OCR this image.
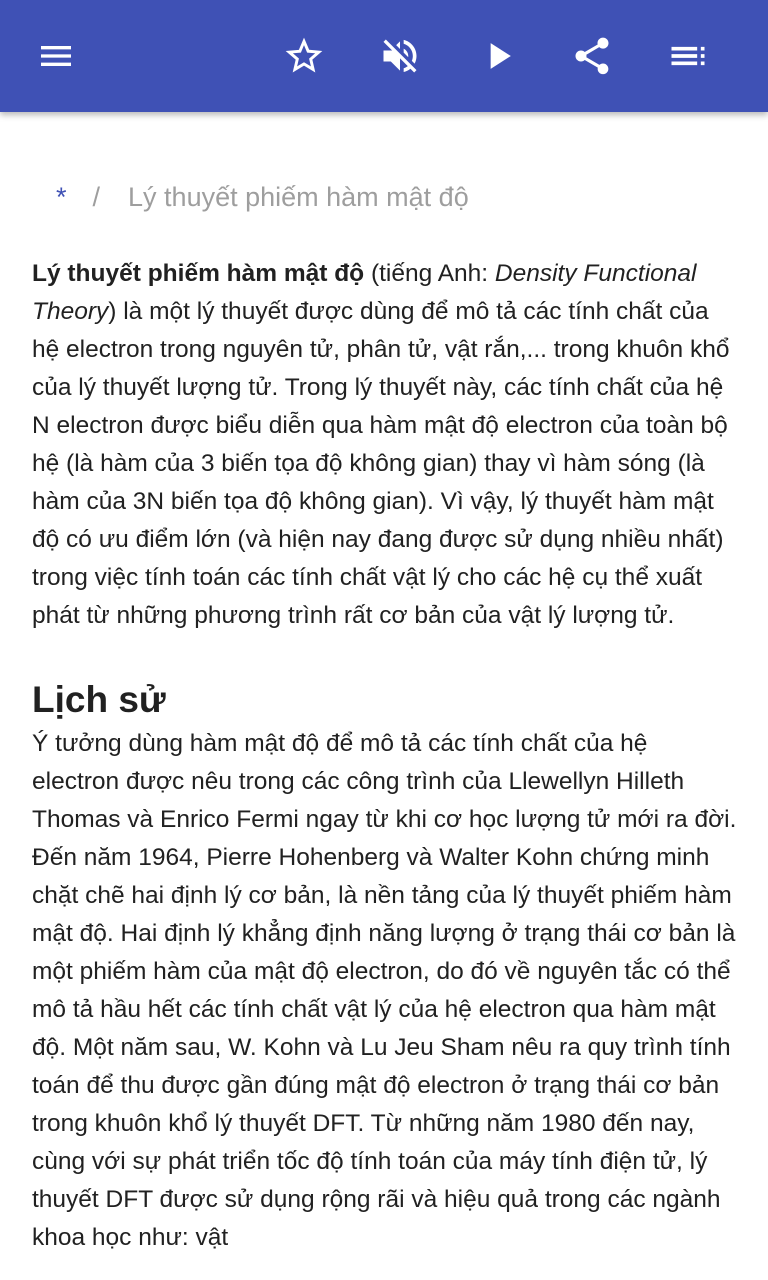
* / Lý thuyết phiếm hàm mật độ

Lý thuyết phiếm hàm mật độ (tiếng Anh: Density Functional Theory) là một lý thuyết được dùng để mô tả các tính chất của hệ electron trong nguyên tử, phân tử, vật rắn,... trong khuôn khổ của lý thuyết lượng tử. Trong lý thuyết này, các tính chất của hệ N electron được biểu diễn qua hàm mật độ electron của toàn bộ hệ (là hàm của 3 biến tọa độ không gian) thay vì hàm sóng (là hàm của 3N biến tọa độ không gian). Vì vậy, lý thuyết hàm mật độ có ưu điểm lớn (và hiện nay đang được sử dụng nhiều nhất) trong việc tính toán các tính chất vật lý cho các hệ cụ thể xuất phát từ những phương trình rất cơ bản của vật lý lượng tử.

Lịch sử

Ý tưởng dùng hàm mật độ để mô tả các tính chất của hệ electron được nêu trong các công trình của Llewellyn Hilleth Thomas và Enrico Fermi ngay từ khi cơ học lượng tử mới ra đời. Đến năm 1964, Pierre Hohenberg và Walter Kohn chứng minh chặt chẽ hai định lý cơ bản, là nền tảng của lý thuyết phiếm hàm mật độ. Hai định lý khẳng định năng lượng ở trạng thái cơ bản là một phiếm hàm của mật độ electron, do đó về nguyên tắc có thể mô tả hầu hết các tính chất vật lý của hệ electron qua hàm mật độ. Một năm sau, W. Kohn và Lu Jeu Sham nêu ra quy trình tính toán để thu được gần đúng mật độ electron ở trạng thái cơ bản trong khuôn khổ lý thuyết DFT. Từ những năm 1980 đến nay, cùng với sự phát triển tốc độ tính toán của máy tính điện tử, lý thuyết DFT được sử dụng rộng rãi và hiệu quả trong các ngành khoa học như: vật
